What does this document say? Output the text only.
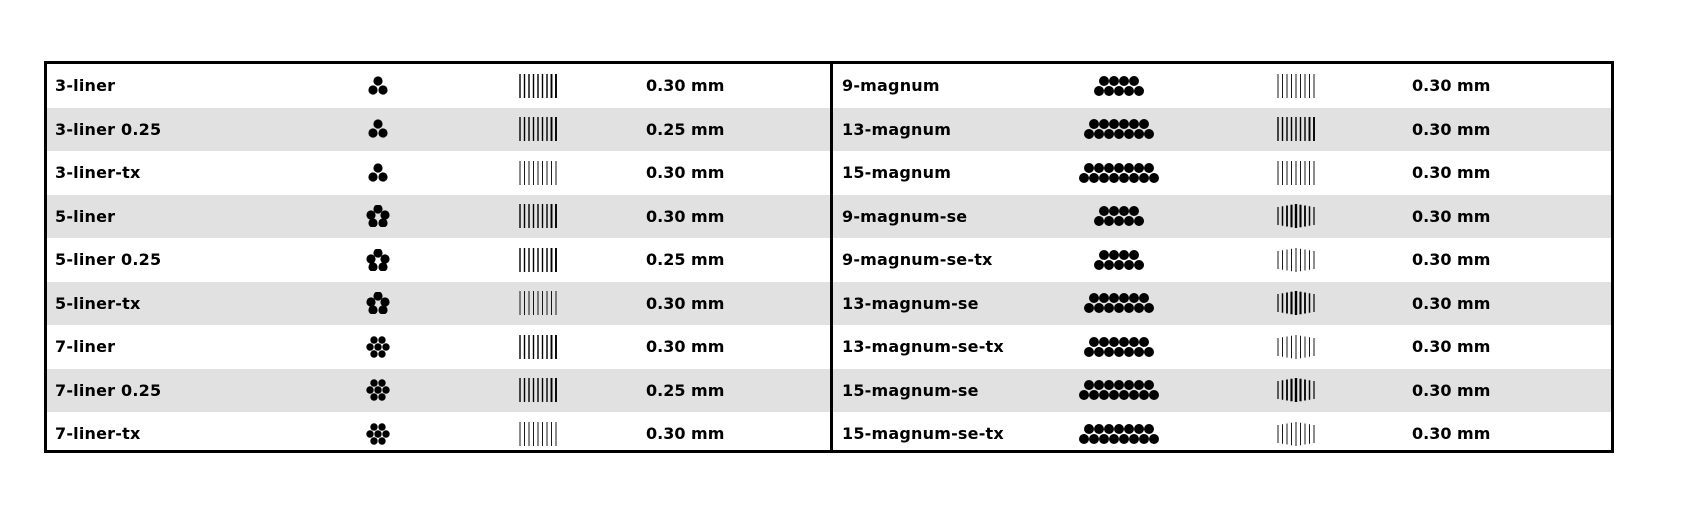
3-liner	0.30 mm
3-liner 0.25	0.25 mm
3-liner-tx	0.30 mm
5-liner	0.30 mm
5-liner 0.25	0.25 mm
5-liner-tx	0.30 mm
7-liner	0.30 mm
7-liner 0.25	0.25 mm
7-liner-tx	0.30 mm
9-magnum	0.30 mm
13-magnum	0.30 mm
15-magnum	0.30 mm
9-magnum-se	0.30 mm
9-magnum-se-tx	0.30 mm
13-magnum-se	0.30 mm
13-magnum-se-tx	0.30 mm
15-magnum-se	0.30 mm
15-magnum-se-tx	0.30 mm
